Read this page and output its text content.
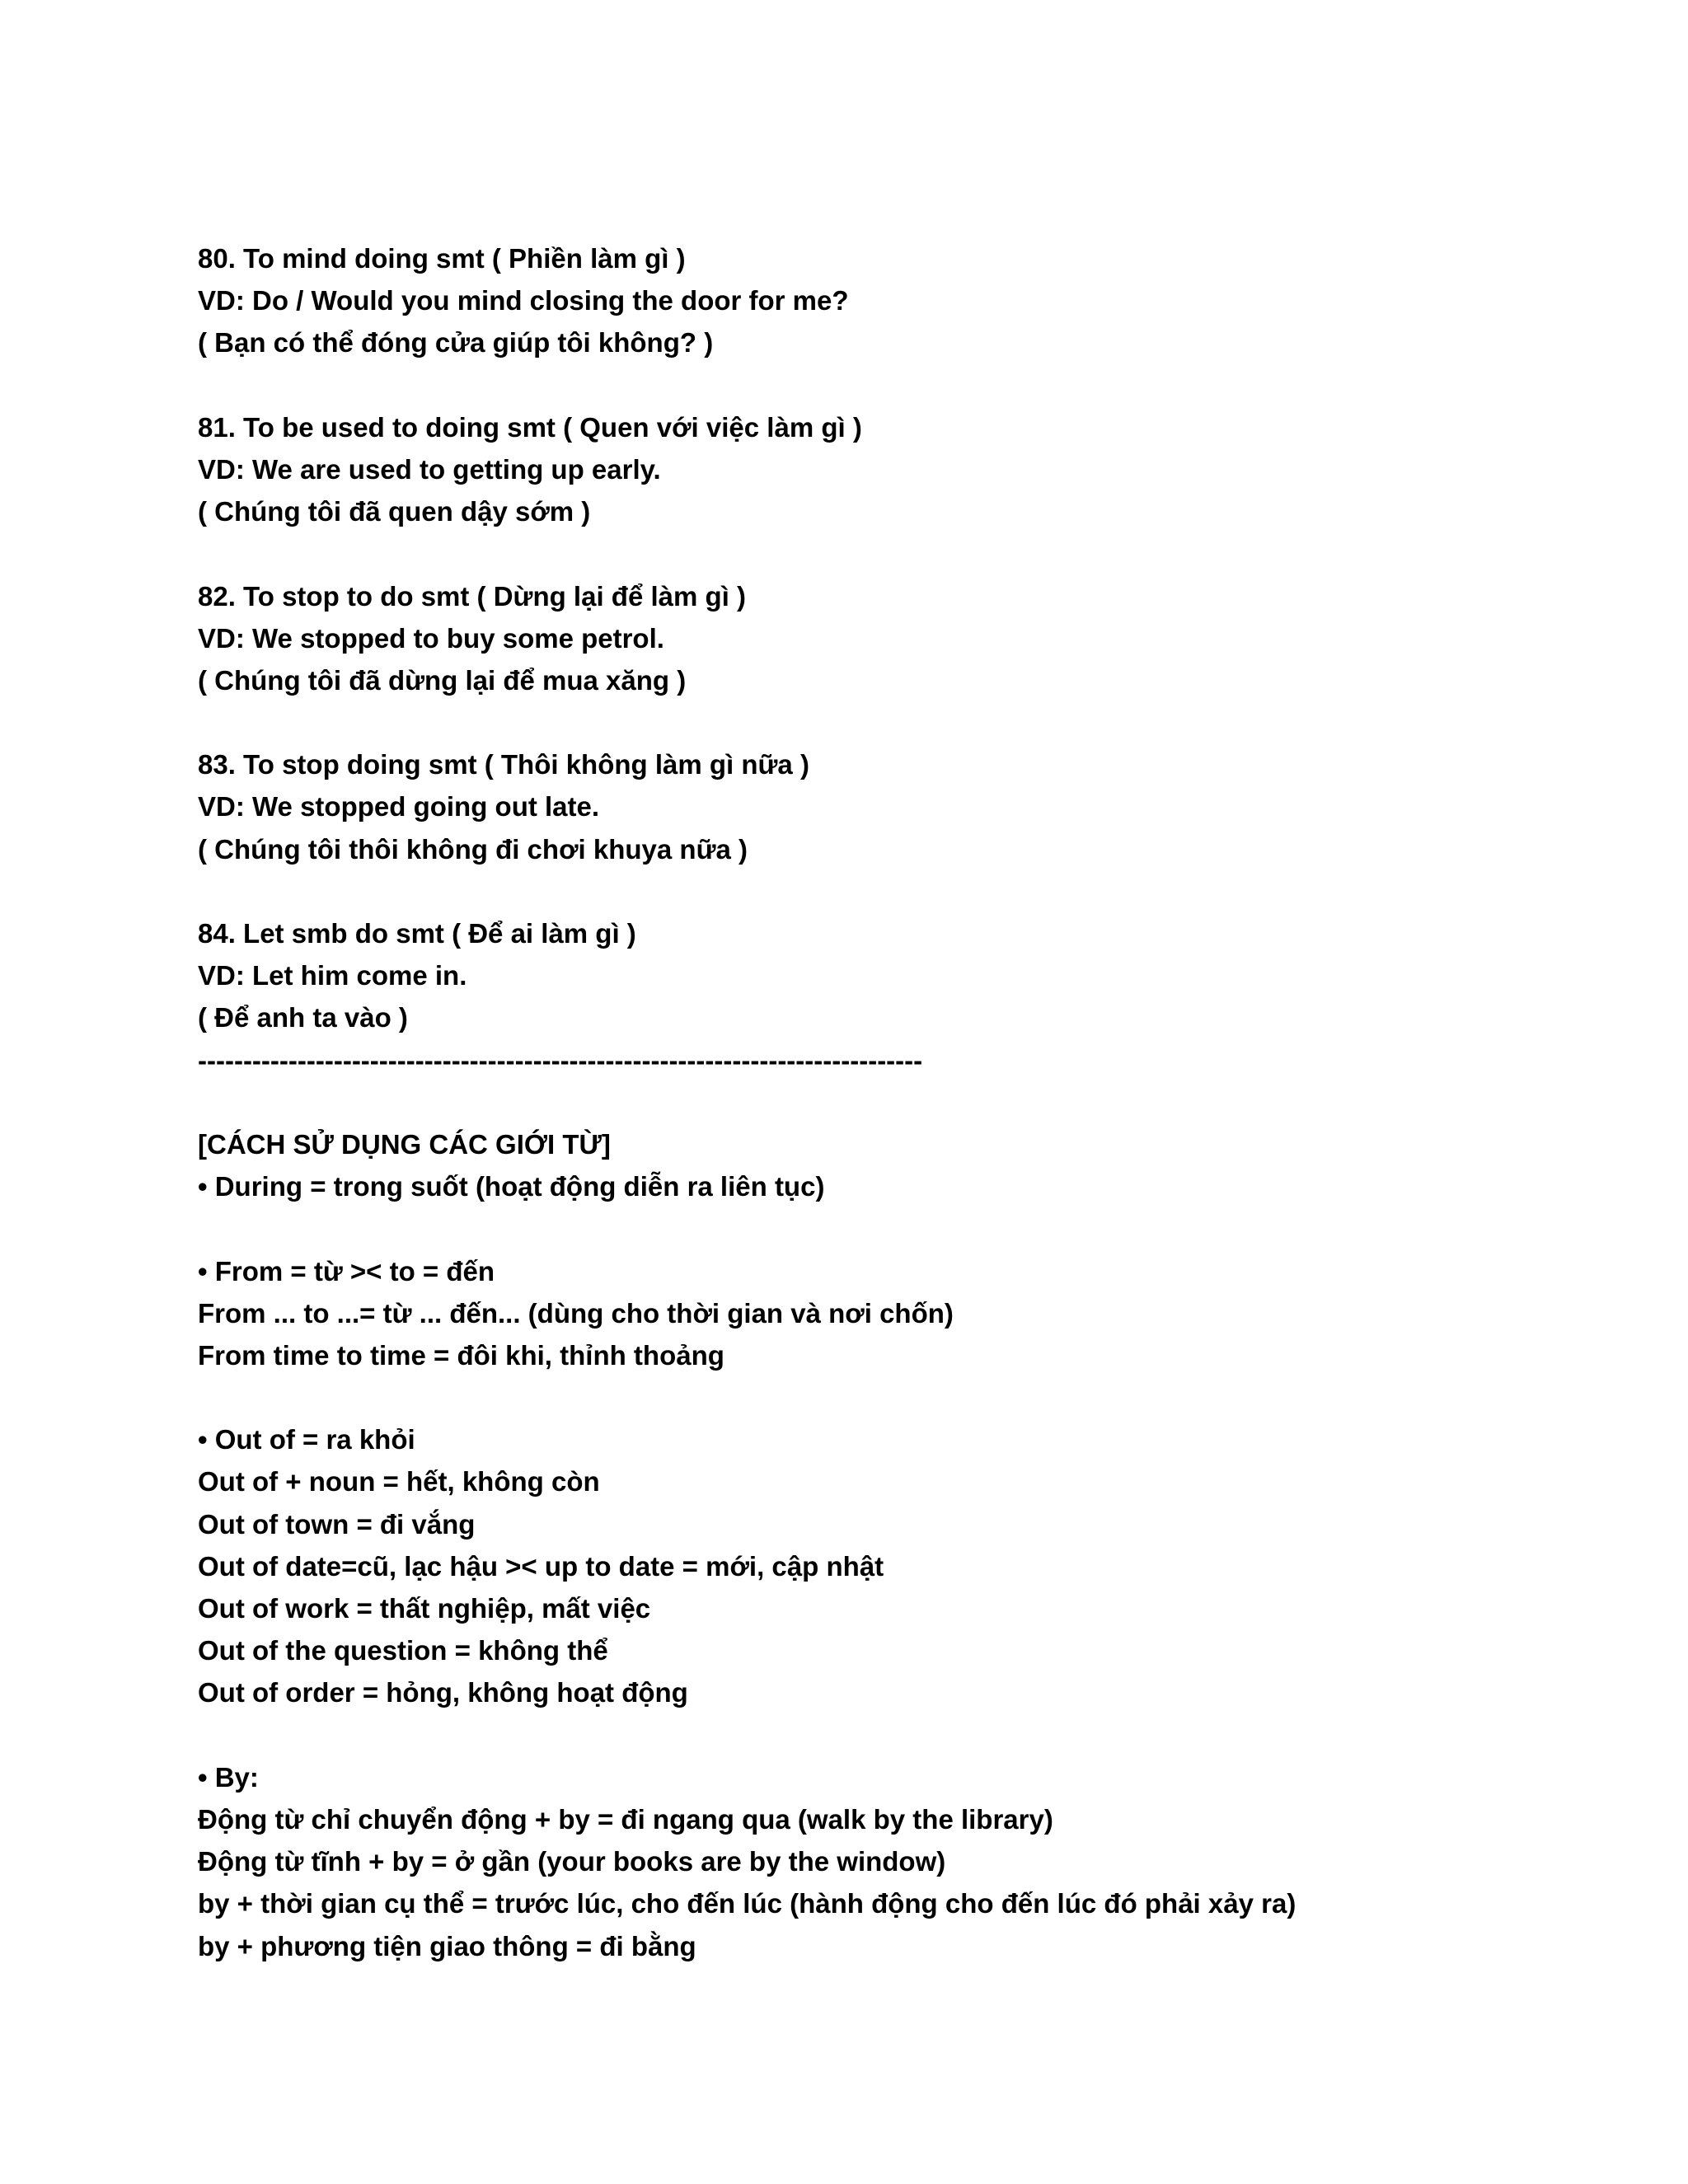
80. To mind doing smt ( Phiền làm gì )
VD: Do / Would you mind closing the door for me?
( Bạn có thể đóng cửa giúp tôi không? )
81. To be used to doing smt ( Quen với việc làm gì )
VD: We are used to getting up early.
( Chúng tôi đã quen dậy sớm )
82. To stop to do smt ( Dừng lại để làm gì )
VD: We stopped to buy some petrol.
( Chúng tôi đã dừng lại để mua xăng )
83. To stop doing smt ( Thôi không làm gì nữa )
VD: We stopped going out late.
( Chúng tôi thôi không đi chơi khuya nữa )
84. Let smb do smt ( Để ai làm gì )
VD: Let him come in.
( Để anh ta vào )
--------------------------------------------------------------------------------
[CÁCH SỬ DỤNG CÁC GIỚI TỪ]
• During = trong suốt (hoạt động diễn ra liên tục)
• From = từ >< to = đến
From ... to ...= từ ... đến... (dùng cho thời gian và nơi chốn)
From time to time = đôi khi, thỉnh thoảng
• Out of = ra khỏi
Out of + noun = hết, không còn
Out of town = đi vắng
Out of date=cũ, lạc hậu >< up to date = mới, cập nhật
Out of work = thất nghiệp, mất việc
Out of the question = không thể
Out of order = hỏng, không hoạt động
• By:
Động từ chỉ chuyển động + by = đi ngang qua (walk by the library)
Động từ tĩnh + by = ở gần (your books are by the window)
by + thời gian cụ thể = trước lúc, cho đến lúc (hành động cho đến lúc đó phải xảy ra)
by + phương tiện giao thông = đi bằng
